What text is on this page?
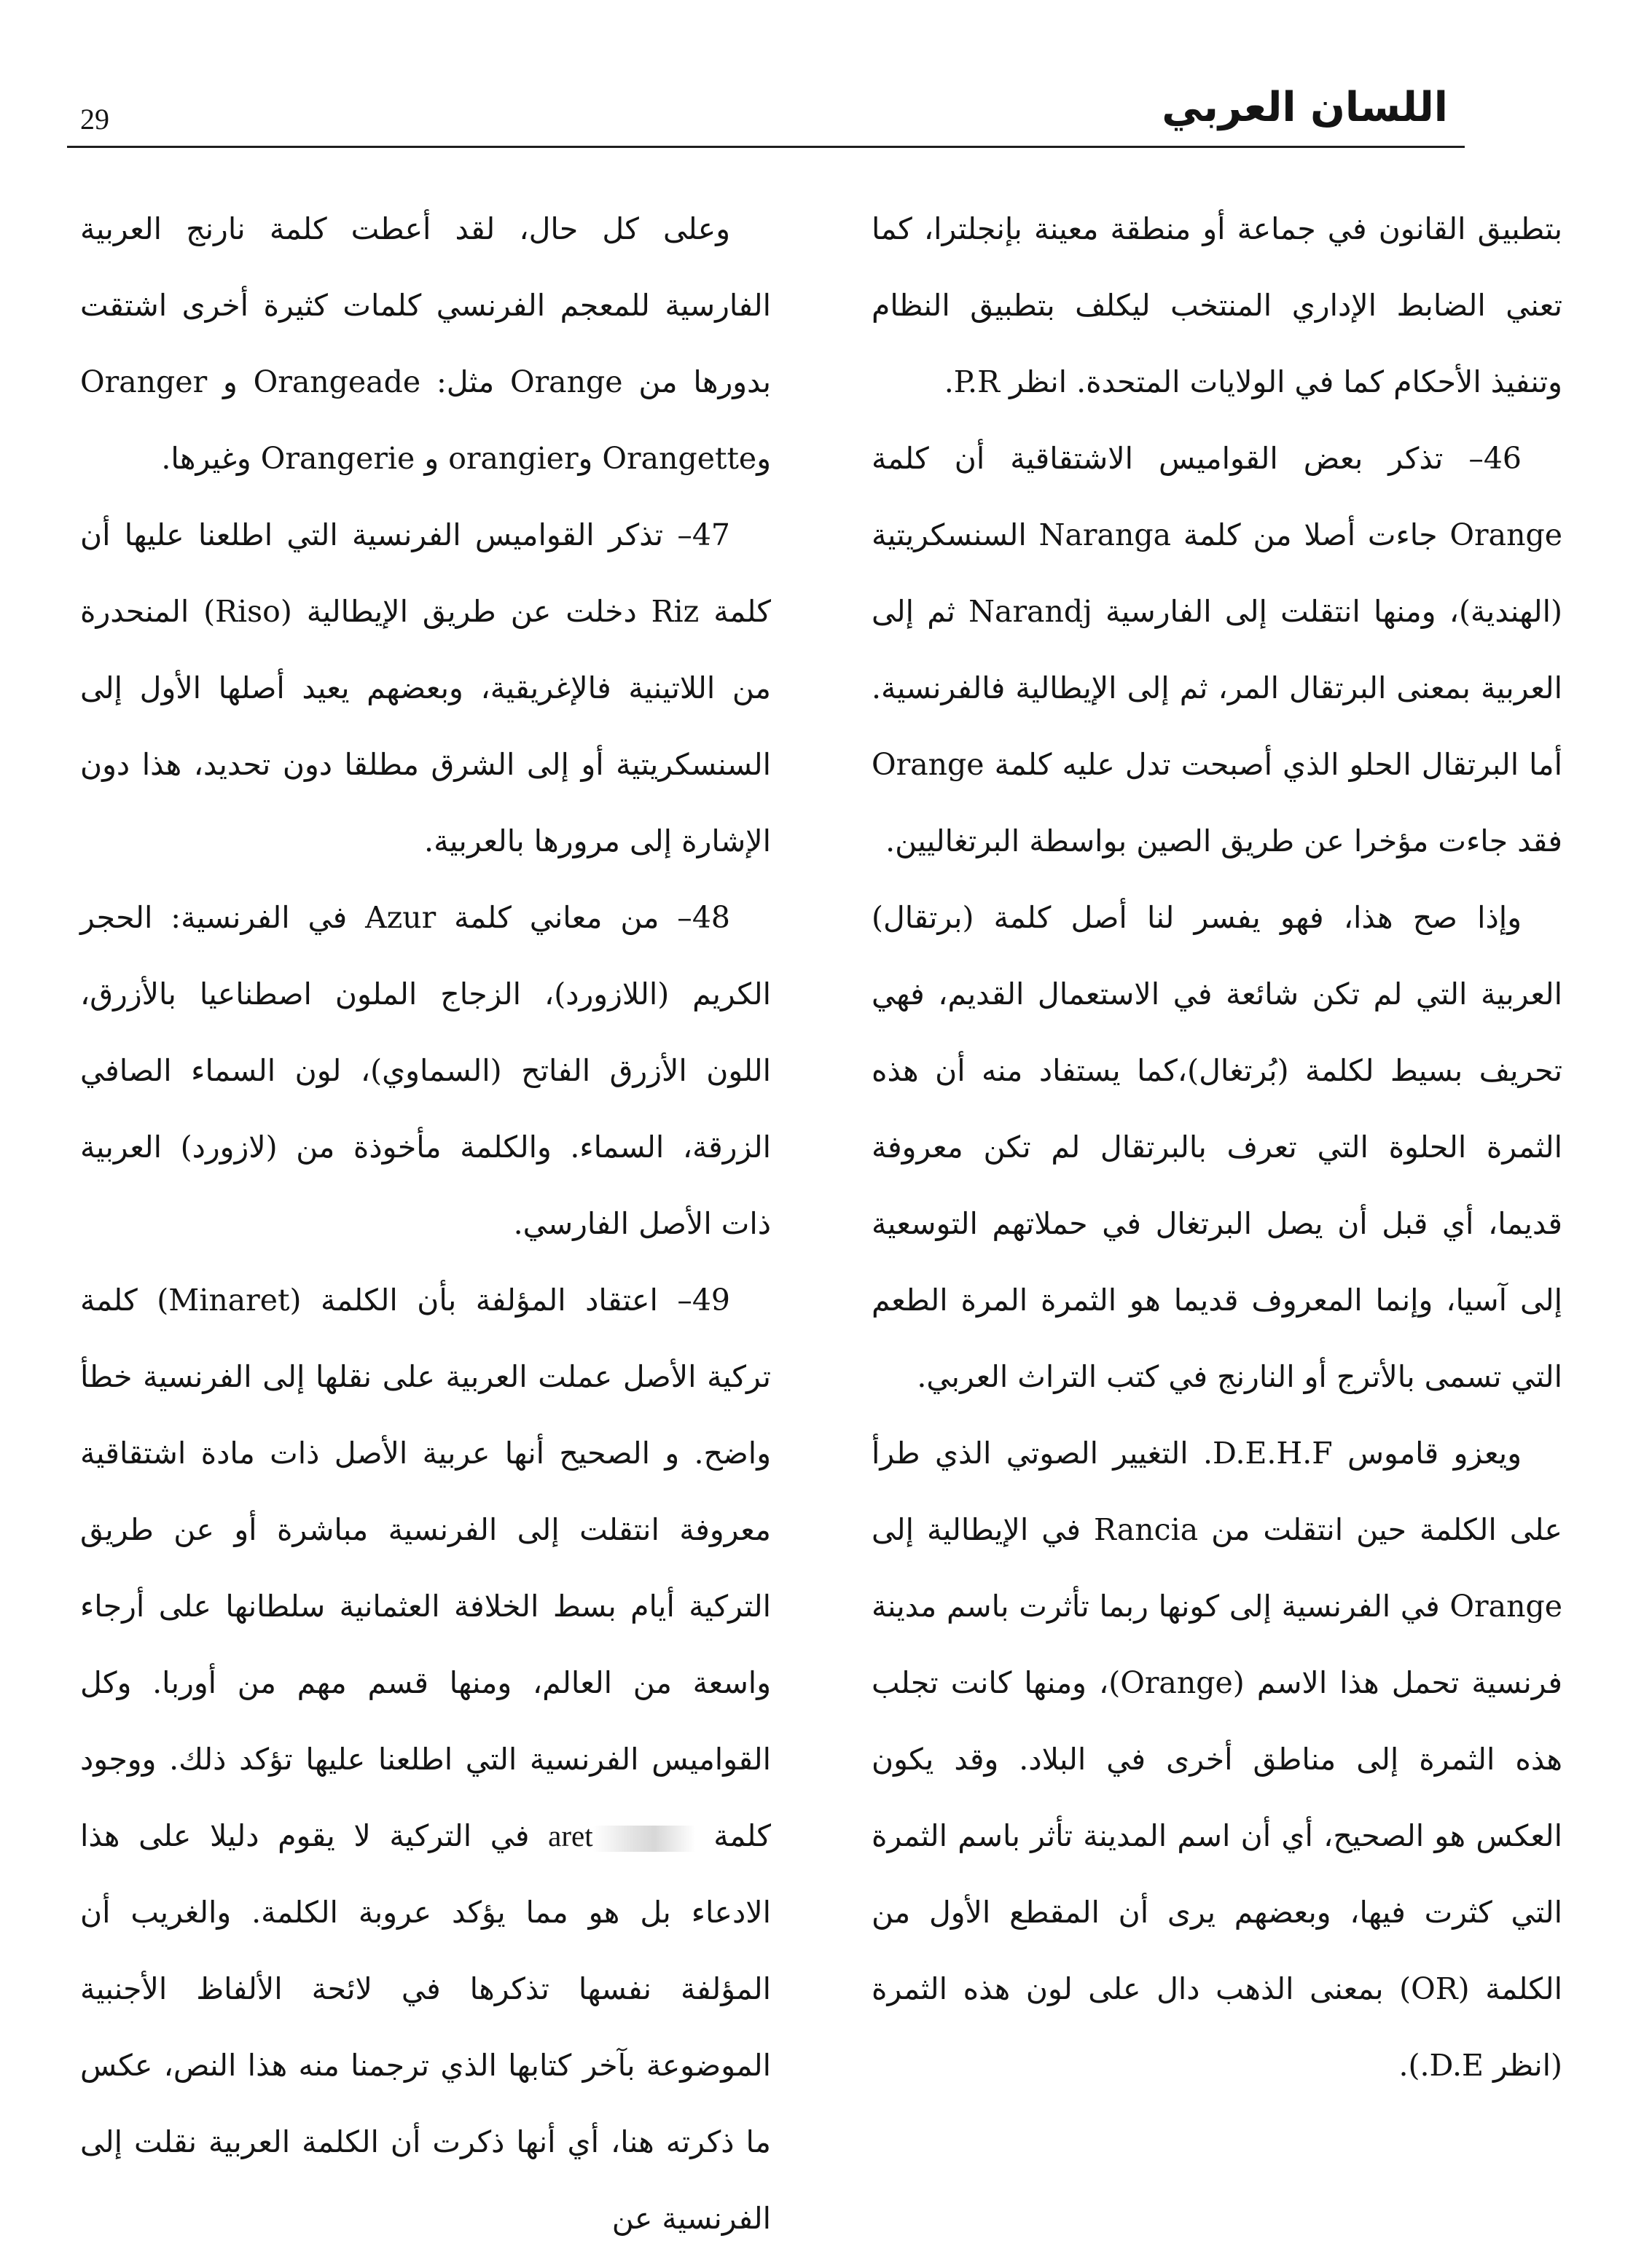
29	اللسان العربي

بتطبيق القانون في جماعة أو منطقة معينة بإنجلترا، كما تعني الضابط الإداري المنتخب ليكلف بتطبيق النظام وتنفيذ الأحكام كما في الولايات المتحدة. انظر P.R.

46– تذكر بعض القواميس الاشتقاقية أن كلمة Orange جاءت أصلا من كلمة Naranga السنسكريتية (الهندية)، ومنها انتقلت إلى الفارسية Narandj ثم إلى العربية بمعنى البرتقال المر، ثم إلى الإيطالية فالفرنسية. أما البرتقال الحلو الذي أصبحت تدل عليه كلمة Orange فقد جاءت مؤخرا عن طريق الصين بواسطة البرتغاليين.

وإذا صح هذا، فهو يفسر لنا أصل كلمة (برتقال) العربية التي لم تكن شائعة في الاستعمال القديم، فهي تحريف بسيط لكلمة (بُرتغال)،كما يستفاد منه أن هذه الثمرة الحلوة التي تعرف بالبرتقال لم تكن معروفة قديما، أي قبل أن يصل البرتغال في حملاتهم التوسعية إلى آسيا، وإنما المعروف قديما هو الثمرة المرة الطعم التي تسمى بالأترج أو النارنج في كتب التراث العربي.

ويعزو قاموس D.E.H.F. التغيير الصوتي الذي طرأ على الكلمة حين انتقلت من Rancia في الإيطالية إلى Orange في الفرنسية إلى كونها ربما تأثرت باسم مدينة فرنسية تحمل هذا الاسم (Orange)، ومنها كانت تجلب هذه الثمرة إلى مناطق أخرى في البلاد. وقد يكون العكس هو الصحيح، أي أن اسم المدينة تأثر باسم الثمرة التي كثرت فيها، وبعضهم يرى أن المقطع الأول من الكلمة (OR) بمعنى الذهب دال على لون هذه الثمرة (انظر D.E.).

وعلى كل حال، لقد أعطت كلمة نارنج العربية الفارسية للمعجم الفرنسي كلمات كثيرة أخرى اشتقت بدورها من Orange مثل: Orangeade و Oranger وOrangette وorangier و Orangerie وغيرها.

47– تذكر القواميس الفرنسية التي اطلعنا عليها أن كلمة Riz دخلت عن طريق الإيطالية (Riso) المنحدرة من اللاتينية فالإغريقية، وبعضهم يعيد أصلها الأول إلى السنسكريتية أو إلى الشرق مطلقا دون تحديد، هذا دون الإشارة إلى مرورها بالعربية.

48– من معاني كلمة Azur في الفرنسية: الحجر الكريم (اللازورد)، الزجاج الملون اصطناعيا بالأزرق، اللون الأزرق الفاتح (السماوي)، لون السماء الصافي الزرقة، السماء. والكلمة مأخوذة من (لازورد) العربية ذات الأصل الفارسي.

49– اعتقاد المؤلفة بأن الكلمة (Minaret) كلمة تركية الأصل عملت العربية على نقلها إلى الفرنسية خطأ واضح. و الصحيح أنها عربية الأصل ذات مادة اشتقاقية معروفة انتقلت إلى الفرنسية مباشرة أو عن طريق التركية أيام بسط الخلافة العثمانية سلطانها على أرجاء واسعة من العالم، ومنها قسم مهم من أوربا. وكل القواميس الفرنسية التي اطلعنا عليها تؤكد ذلك. ووجود كلمة aret في التركية لا يقوم دليلا على هذا الادعاء بل هو مما يؤكد عروبة الكلمة. والغريب أن المؤلفة نفسها تذكرها في لائحة الألفاظ الأجنبية الموضوعة بآخر كتابها الذي ترجمنا منه هذا النص، عكس ما ذكرته هنا، أي أنها ذكرت أن الكلمة العربية نقلت إلى الفرنسية عن
